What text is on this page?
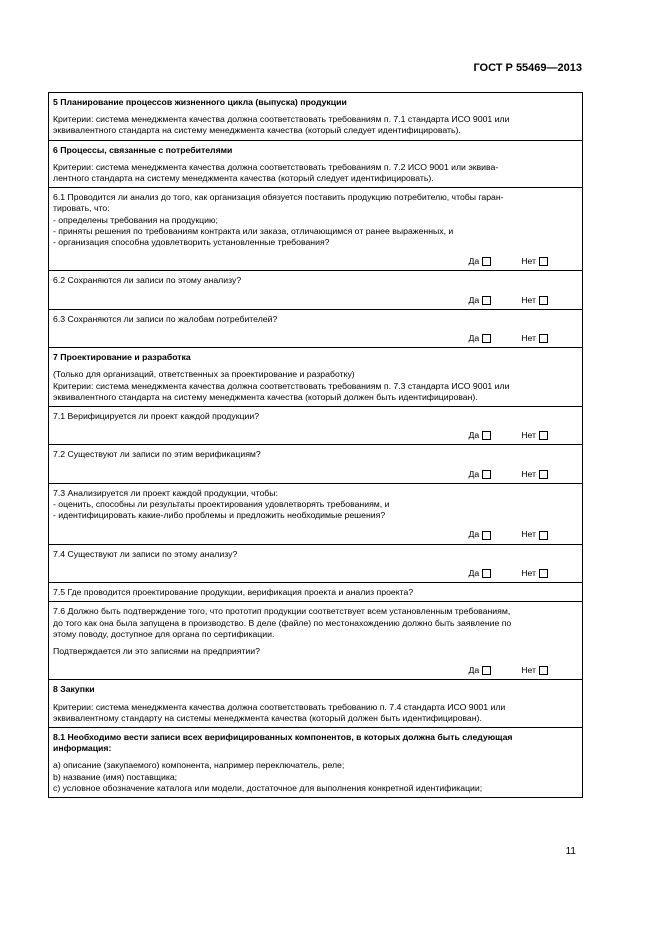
ГОСТ Р 55469—2013
5 Планирование процессов жизненного цикла (выпуска) продукции
Критерии: система менеджмента качества должна соответствовать требованиям п. 7.1 стандарта ИСО 9001 или
эквивалентного стандарта на систему менеджмента качества (который следует идентифицировать).

6 Процессы, связанные с потребителями
Критерии: система менеджмента качества должна соответствовать требованиям п. 7.2 ИСО 9001 или эквива-
лентного стандарта на систему менеджмента качества (который следует идентифицировать).

6.1 Проводится ли анализ до того, как организация обязуется поставить продукцию потребителю, чтобы гаран-
тировать, что:
- определены требования на продукцию;
- приняты решения по требованиям контракта или заказа, отличающимся от ранее выраженных, и
- организация способна удовлетворить установленные требования?
Да	Нет

6.2 Сохраняются ли записи по этому анализу?
Да	Нет

6.3 Сохраняются ли записи по жалобам потребителей?
Да	Нет

7 Проектирование и разработка
(Только для организаций, ответственных за проектирование и разработку)
Критерии: система менеджмента качества должна соответствовать требованиям п. 7.3 стандарта ИСО 9001 или
эквивалентного стандарта на систему менеджмента качества (который должен быть идентифицирован).

7.1 Верифицируется ли проект каждой продукции?
Да	Нет

7.2 Существуют ли записи по этим верификациям?
Да	Нет

7.3 Анализируется ли проект каждой продукции, чтобы:
- оценить, способны ли результаты проектирования удовлетворять требованиям, и
- идентифицировать какие-либо проблемы и предложить необходимые решения?
Да	Нет

7.4 Существуют ли записи по этому анализу?
Да	Нет

7.5 Где проводится проектирование продукции, верификация проекта и анализ проекта?

7.6 Должно быть подтверждение того, что прототип продукции соответствует всем установленным требованиям,
до того как она была запущена в производство. В деле (файле) по местонахождению должно быть заявление по
этому поводу, доступное для органа по сертификации.
Подтверждается ли это записями на предприятии?
Да	Нет

8 Закупки
Критерии: система менеджмента качества должна соответствовать требованию п. 7.4 стандарта ИСО 9001 или
эквивалентному стандарту на системы менеджмента качества (который должен быть идентифицирован).

8.1 Необходимо вести записи всех верифицированных компонентов, в которых должна быть следующая
информация:
a) описание (закупаемого) компонента, например переключатель, реле;
b) название (имя) поставщика;
c) условное обозначение каталога или модели, достаточное для выполнения конкретной идентификации;
11
